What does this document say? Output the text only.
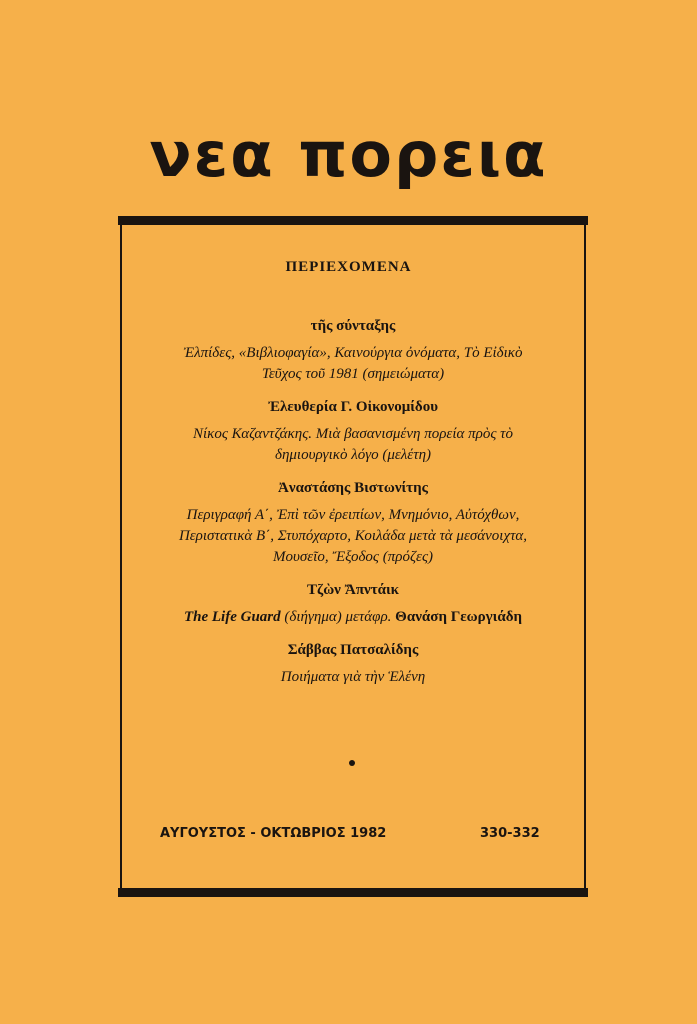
νεα πορεια
ΠΕΡΙΕΧΟΜΕΝΑ
τῆς σύνταξης
Ἐλπίδες, «Βιβλιοφαγία», Καινούργια ὀνόματα, Τὸ Εἰδικὸ
Τεῦχος τοῦ 1981 (σημειώματα)
Ἐλευθερία Γ. Οἰκονομίδου
Νίκος Καζαντζάκης. Μιὰ βασανισμένη πορεία πρὸς τὸ
δημιουργικὸ λόγο (μελέτη)
Ἀναστάσης Βιστωνίτης
Περιγραφή Α΄, Ἐπὶ τῶν ἐρειπίων, Μνημόνιο, Αὐτόχθων,
Περιστατικὰ Β΄, Στυπόχαρτο, Κοιλάδα μετὰ τὰ μεσάνοιχτα,
Μουσεῖο, Ἔξοδος (πρόζες)
Τζὼν Ἄπντάικ
The Life Guard (διήγημα) μετάφρ. Θανάση Γεωργιάδη
Σάββας Πατσαλίδης
Ποιήματα γιὰ τὴν Ἑλένη
ΑΥΓΟΥΣΤΟΣ - ΟΚΤΩΒΡΙΟΣ 1982	330-332
